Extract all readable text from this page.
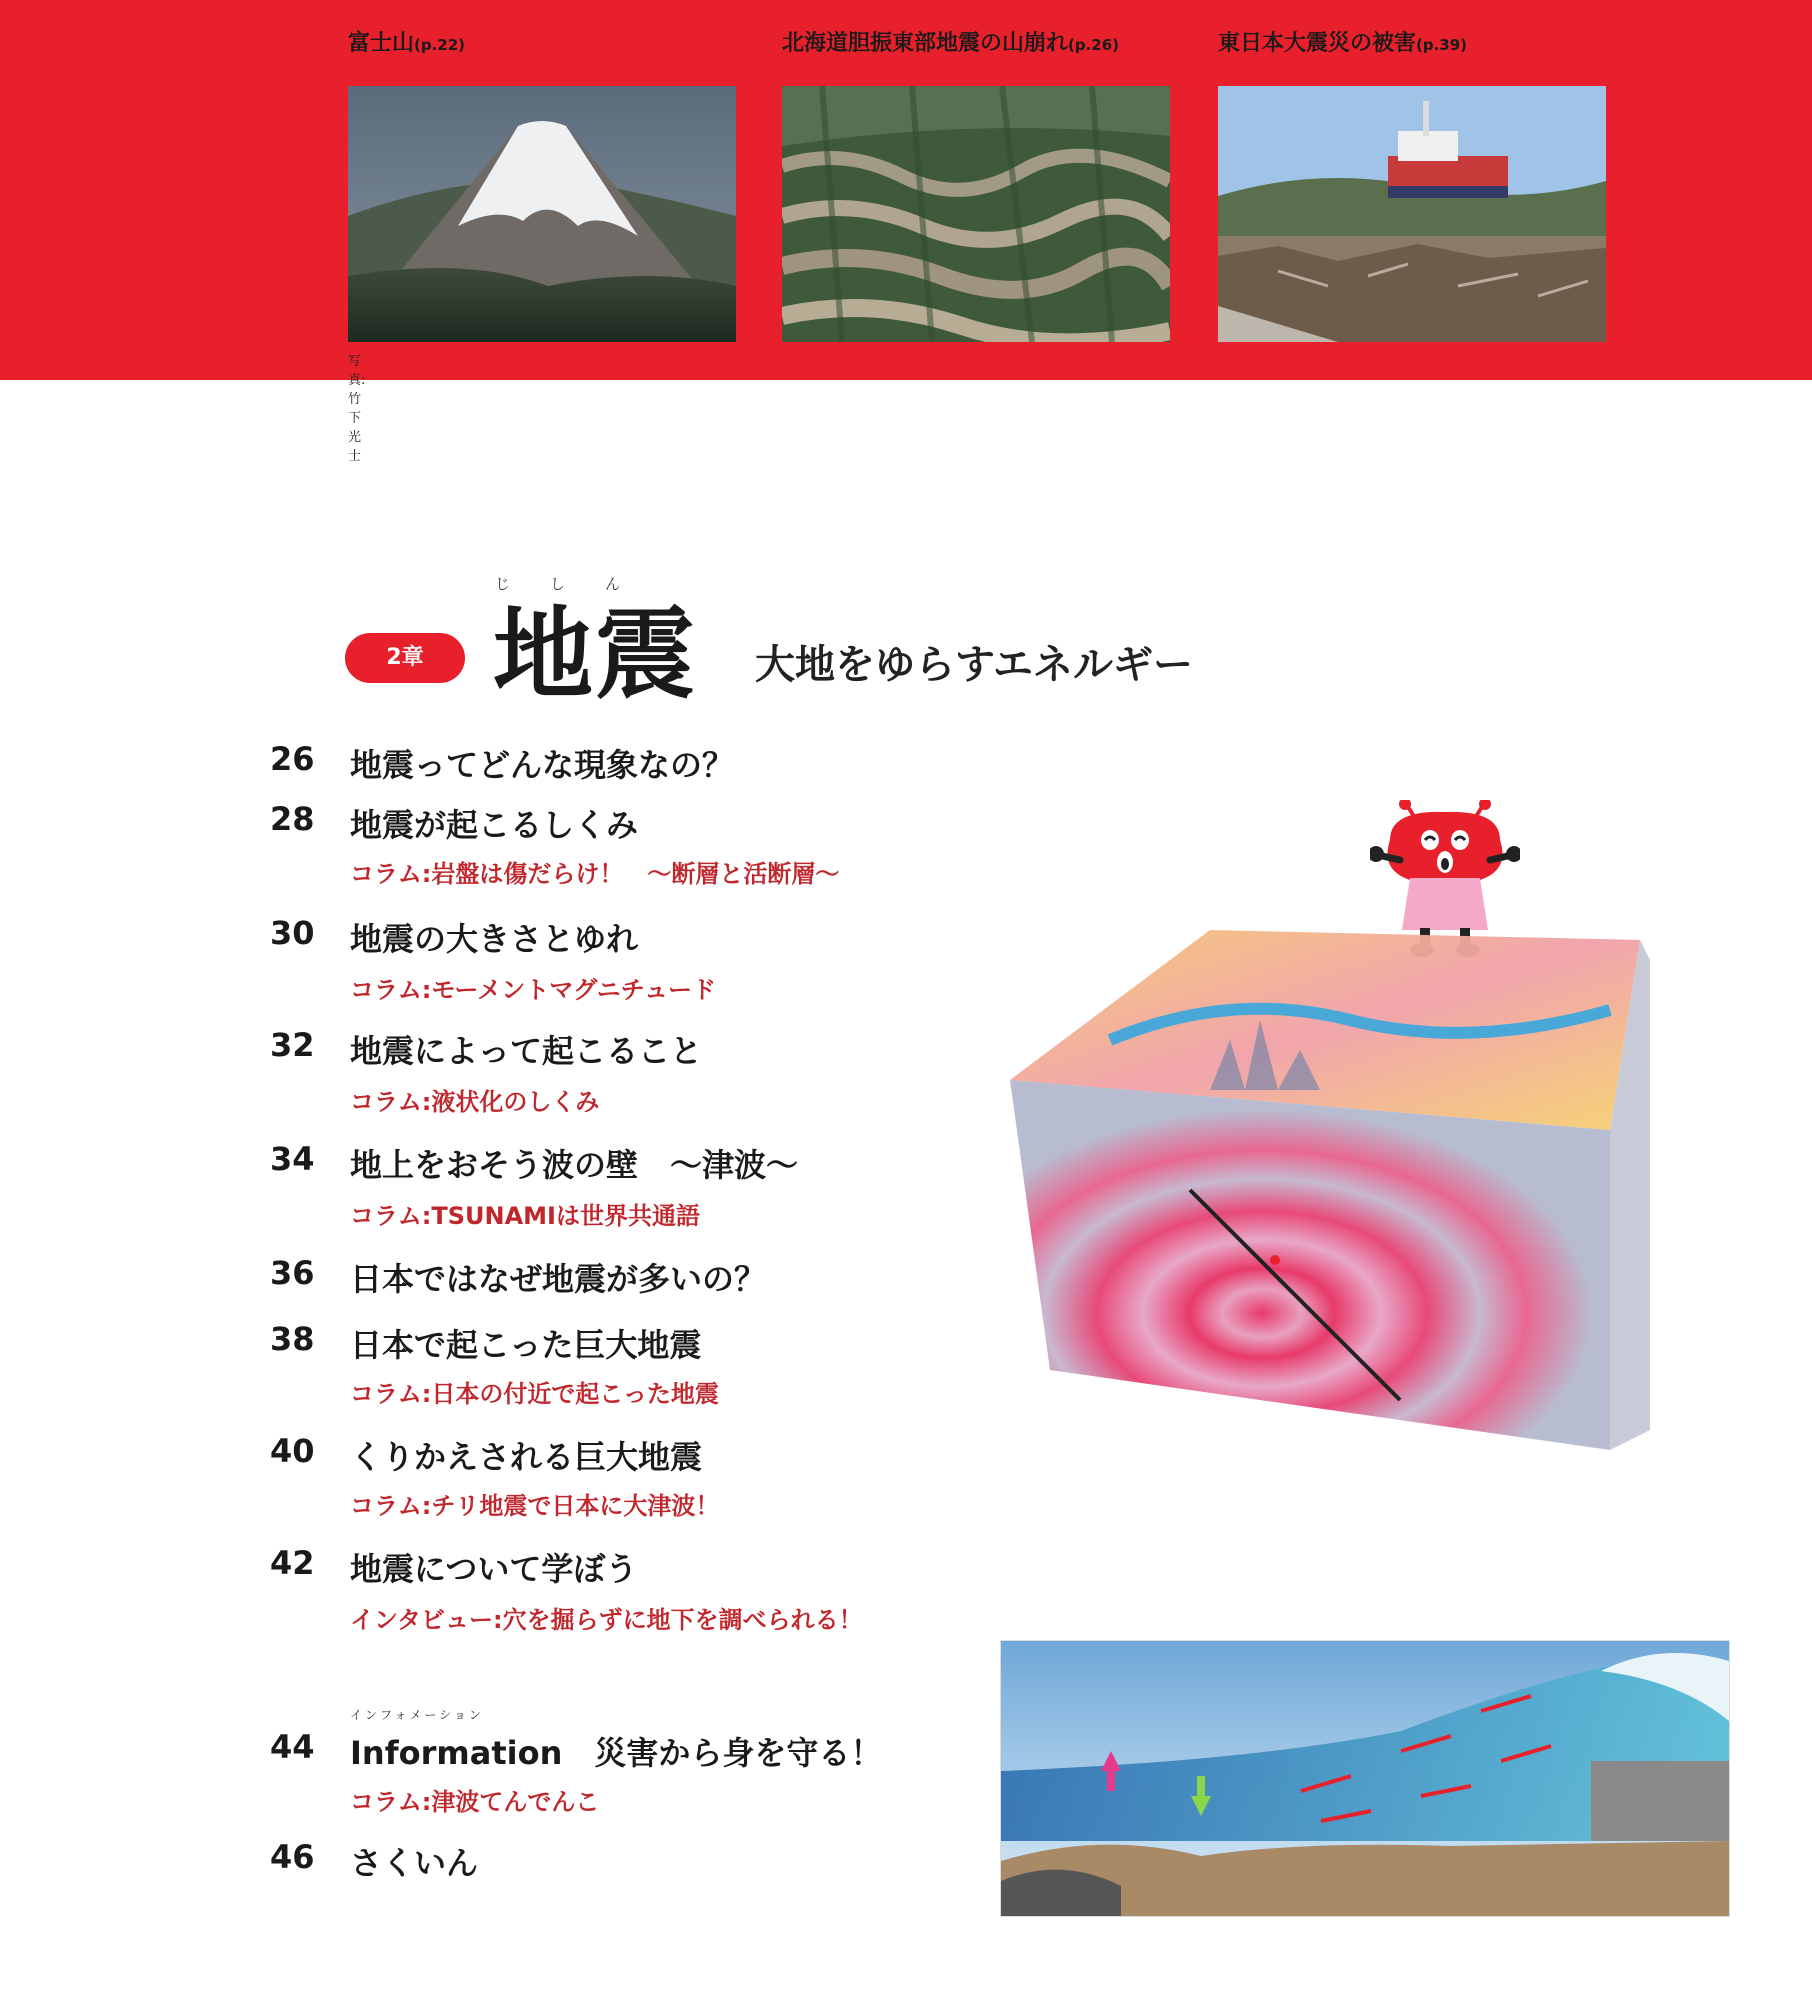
富士山(p.22)
写真:竹下光士
北海道胆振東部地震の山崩れ(p.26)	東日本大震災の被害(p.39)
2章
じしん
地震 大地をゆらすエネルギー
26	地震ってどんな現象なの？
28	地震が起こるしくみ
コラム:岩盤は傷だらけ！　～断層と活断層～
30	地震の大きさとゆれ
コラム:モーメントマグニチュード
32	地震によって起こること
コラム:液状化のしくみ
34	地上をおそう波の壁　～津波～
コラム:TSUNAMIは世界共通語
36	日本ではなぜ地震が多いの？
38	日本で起こった巨大地震
コラム:日本の付近で起こった地震
40	くりかえされる巨大地震
コラム:チリ地震で日本に大津波！
42	地震について学ぼう
インタビュー:穴を掘らずに地下を調べられる！
インフォメーション
44	Information　災害から身を守る！
コラム:津波てんでんこ
46	さくいん
